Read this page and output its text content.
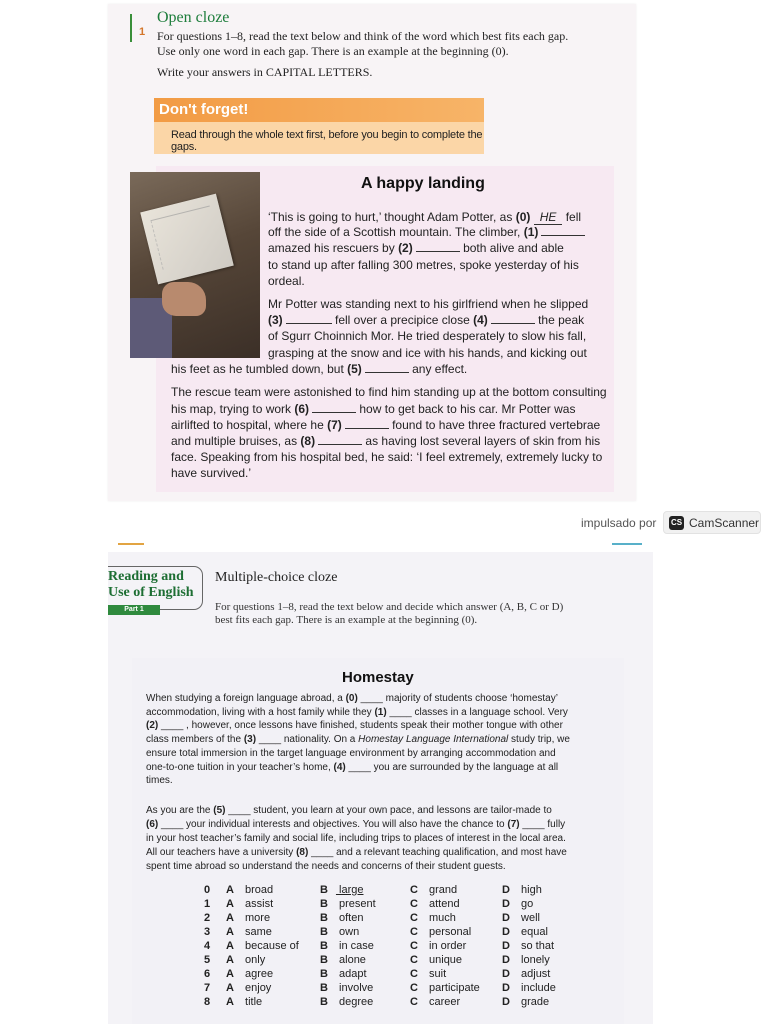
1
Open cloze
For questions 1–8, read the text below and think of the word which best fits each gap.
Use only one word in each gap. There is an example at the beginning (0).
Write your answers in CAPITAL LETTERS.
Don't forget!
Read through the whole text first, before you begin to complete the gaps.
A happy landing
‘This is going to hurt,’ thought Adam Potter, as (0) HE fell
off the side of a Scottish mountain. The climber, (1)
amazed his rescuers by (2)	both alive and able
to stand up after falling 300 metres, spoke yesterday of his
ordeal.
Mr Potter was standing next to his girlfriend when he slipped
(3)	fell over a precipice close (4)	the peak
of Sgurr Choinnich Mor. He tried desperately to slow his fall,
grasping at the snow and ice with his hands, and kicking out
his feet as he tumbled down, but (5)	any effect.
The rescue team were astonished to find him standing up at the bottom consulting
his map, trying to work (6)	how to get back to his car. Mr Potter was
airlifted to hospital, where he (7)	found to have three fractured vertebrae
and multiple bruises, as (8)	as having lost several layers of skin from his
face. Speaking from his hospital bed, he said: ‘I feel extremely, extremely lucky to
have survived.’
impulsado por CS CamScanner
Reading and
Use of English
Part 1
Multiple-choice cloze
For questions 1–8, read the text below and decide which answer (A, B, C or D)
best fits each gap. There is an example at the beginning (0).
Homestay
When studying a foreign language abroad, a (0) ____ majority of students choose ‘homestay’
accommodation, living with a host family while they (1) ____ classes in a language school. Very
(2) ____ , however, once lessons have finished, students speak their mother tongue with other
class members of the (3) ____ nationality. On a Homestay Language International study trip, we
ensure total immersion in the target language environment by arranging accommodation and
one-to-one tuition in your teacher’s home, (4) ____ you are surrounded by the language at all
times.
As you are the (5) ____ student, you learn at your own pace, and lessons are tailor-made to
(6) ____ your individual interests and objectives. You will also have the chance to (7) ____ fully
in your host teacher’s family and social life, including trips to places of interest in the local area.
All our teachers have a university (8) ____ and a relevant teaching qualification, and most have
spent time abroad so understand the needs and concerns of their student guests.
0 A broad	B large	C grand	D high
1 A assist	B present	C attend	D go
2 A more	B often	C much	D well
3 A same	B own	C personal	D equal
4 A because of B in case	C in order	D so that
5 A only	B alone	C unique	D lonely
6 A agree	B adapt	C suit	D adjust
7 A enjoy	B involve	C participate D include
8 A title	B degree	C career	D grade
